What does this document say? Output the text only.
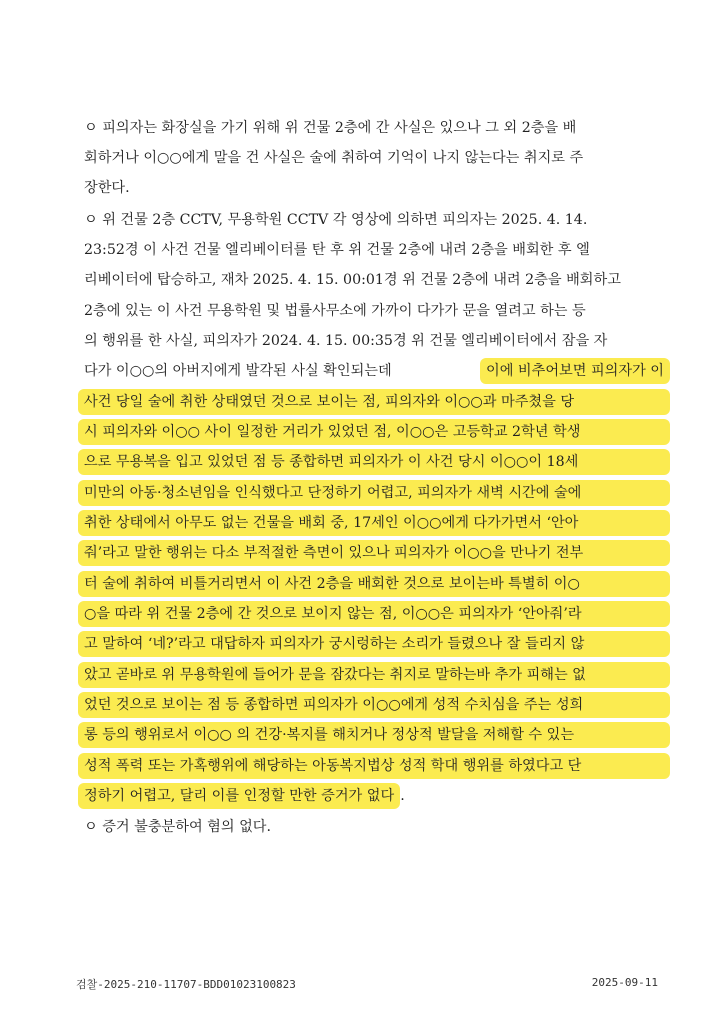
ㅇ 피의자는 화장실을 가기 위해 위 건물 2층에 간 사실은 있으나 그 외 2층을 배
회하거나 이○○에게 말을 건 사실은 술에 취하여 기억이 나지 않는다는 취지로 주
장한다.
ㅇ 위 건물 2층 CCTV, 무용학원 CCTV 각 영상에 의하면 피의자는 2025. 4. 14.
23:52경 이 사건 건물 엘리베이터를 탄 후 위 건물 2층에 내려 2층을 배회한 후 엘
리베이터에 탑승하고, 재차 2025. 4. 15. 00:01경 위 건물 2층에 내려 2층을 배회하고
2층에 있는 이 사건 무용학원 및 법률사무소에 가까이 다가가 문을 열려고 하는 등
의 행위를 한 사실, 피의자가 2024. 4. 15. 00:35경 위 건물 엘리베이터에서 잠을 자
다가 이○○의 아버지에게 발각된 사실 확인되는데	이에 비추어보면 피의자가 이
사건 당일 술에 취한 상태였던 것으로 보이는 점, 피의자와 이○○과 마주쳤을 당
시 피의자와 이○○ 사이 일정한 거리가 있었던 점, 이○○은 고등학교 2학년 학생
으로 무용복을 입고 있었던 점 등 종합하면 피의자가 이 사건 당시 이○○이 18세
미만의 아동·청소년임을 인식했다고 단정하기 어렵고, 피의자가 새벽 시간에 술에
취한 상태에서 아무도 없는 건물을 배회 중, 17세인 이○○에게 다가가면서 ‘안아
줘’라고 말한 행위는 다소 부적절한 측면이 있으나 피의자가 이○○을 만나기 전부
터 술에 취하여 비틀거리면서 이 사건 2층을 배회한 것으로 보이는바 특별히 이○
○을 따라 위 건물 2층에 간 것으로 보이지 않는 점, 이○○은 피의자가 ‘안아줘’라
고 말하여 ‘네?’라고 대답하자 피의자가 궁시렁하는 소리가 들렸으나 잘 들리지 않
았고 곧바로 위 무용학원에 들어가 문을 잠갔다는 취지로 말하는바 추가 피해는 없
었던 것으로 보이는 점 등 종합하면 피의자가 이○○에게 성적 수치심을 주는 성희
롱 등의 행위로서 이○○ 의 건강·복지를 해치거나 정상적 발달을 저해할 수 있는
성적 폭력 또는 가혹행위에 해당하는 아동복지법상 성적 학대 행위를 하였다고 단
정하기 어렵고, 달리 이를 인정할 만한 증거가 없다 .
ㅇ 증거 불충분하여 혐의 없다.
검찰-2025-210-11707-BDD01023100823	2025-09-11
